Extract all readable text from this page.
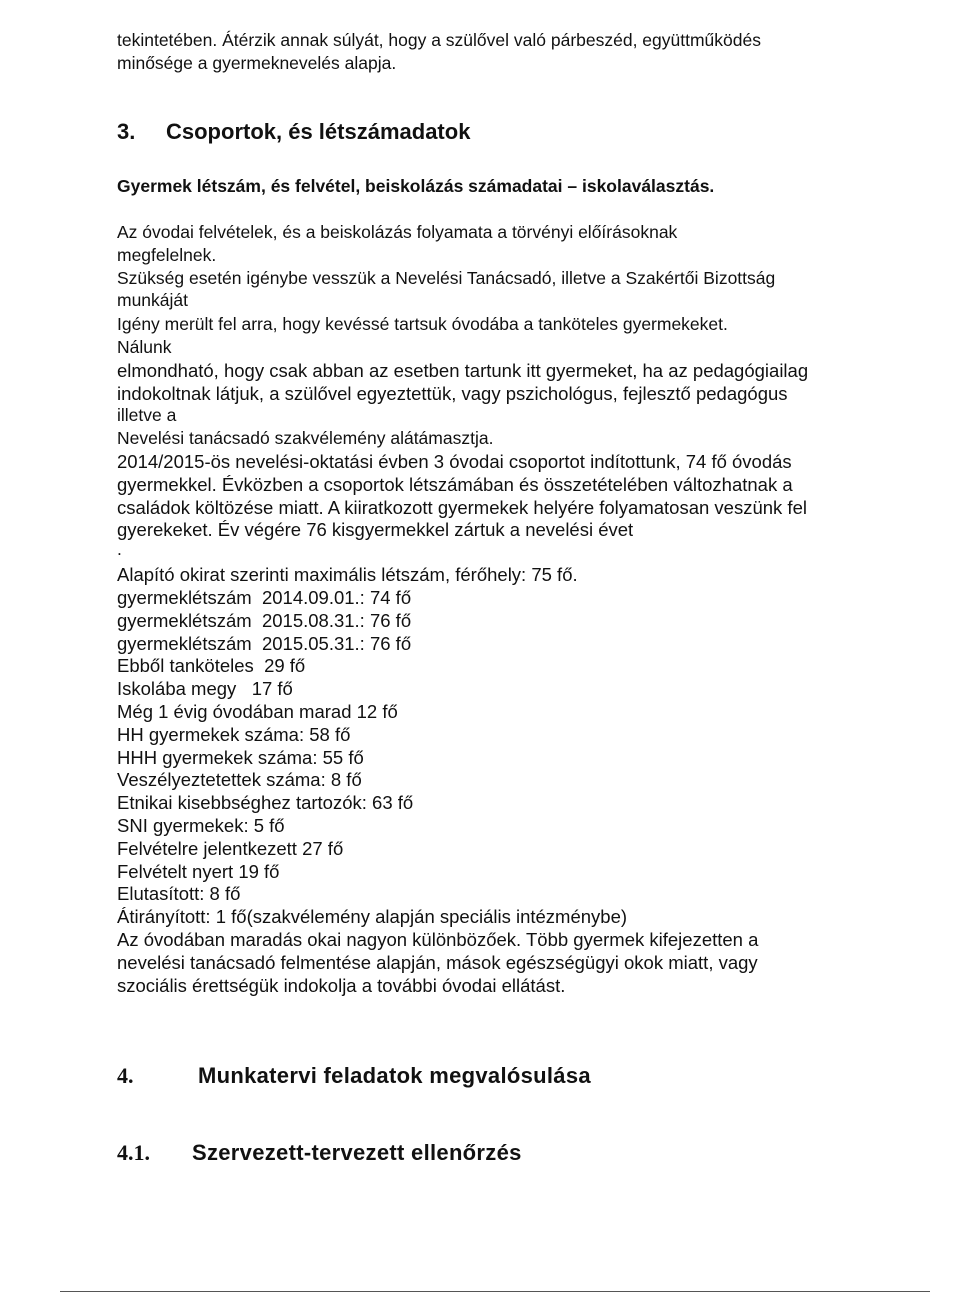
tekintetében. Átérzik annak súlyát, hogy a szülővel való párbeszéd, együttműködés
minősége a gyermeknevelés alapja.
3. Csoportok, és létszámadatok
Gyermek létszám, és felvétel, beiskolázás számadatai – iskolaválasztás.
Az óvodai felvételek, és a beiskolázás folyamata a törvényi előírásoknak
megfelelnek.
Szükség esetén igénybe vesszük a Nevelési Tanácsadó, illetve a Szakértői Bizottság
munkáját
Igény merült fel arra, hogy kevéssé tartsuk óvodába a tanköteles gyermekeket.
Nálunk
elmondható, hogy csak abban az esetben tartunk itt gyermeket, ha az pedagógiailag
indokoltnak látjuk, a szülővel egyeztettük, vagy pszichológus, fejlesztő pedagógus
illetve a
Nevelési tanácsadó szakvélemény alátámasztja.
2014/2015-ös nevelési-oktatási évben 3 óvodai csoportot indítottunk, 74 fő óvodás
gyermekkel. Évközben a csoportok létszámában és összetételében változhatnak a
családok költözése miatt. A kiiratkozott gyermekek helyére folyamatosan veszünk fel
gyerekeket. Év végére 76 kisgyermekkel zártuk a nevelési évet
.
Alapító okirat szerinti maximális létszám, férőhely: 75 fő.
gyermeklétszám  2014.09.01.: 74 fő
gyermeklétszám  2015.08.31.: 76 fő
gyermeklétszám  2015.05.31.: 76 fő
Ebből tanköteles  29 fő
Iskolába megy   17 fő
Még 1 évig óvodában marad 12 fő
HH gyermekek száma: 58 fő
HHH gyermekek száma: 55 fő
Veszélyeztetettek száma: 8 fő
Etnikai kisebbséghez tartozók: 63 fő
SNI gyermekek: 5 fő
Felvételre jelentkezett 27 fő
Felvételt nyert 19 fő
Elutasított: 8 fő
Átirányított: 1 fő(szakvélemény alapján speciális intézménybe)
Az óvodában maradás okai nagyon különbözőek. Több gyermek kifejezetten a
nevelési tanácsadó felmentése alapján, mások egészségügyi okok miatt, vagy
szociális érettségük indokolja a további óvodai ellátást.
4.	Munkatervi feladatok megvalósulása
4.1. Szervezett-tervezett ellenőrzés
